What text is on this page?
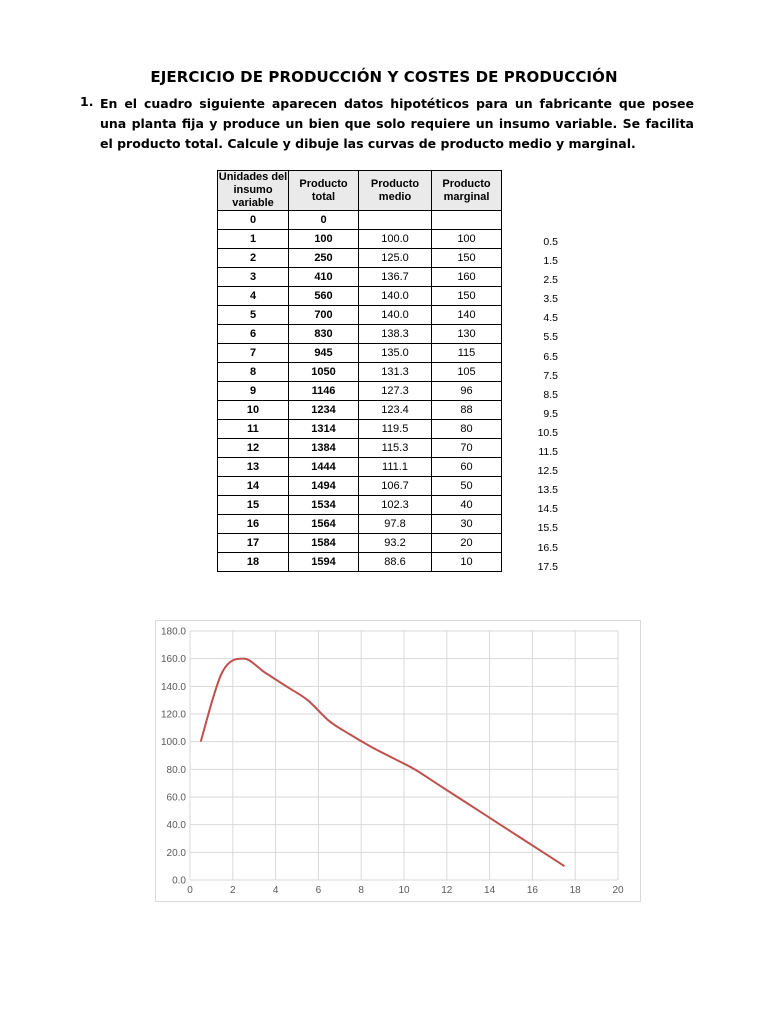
EJERCICIO DE PRODUCCIÓN Y COSTES DE PRODUCCIÓN
1. En el cuadro siguiente aparecen datos hipotéticos para un fabricante que posee una planta fija y produce un bien que solo requiere un insumo variable. Se facilita el producto total. Calcule y dibuje las curvas de producto medio y marginal.
Unidades del insumo variable	Producto total	Producto medio	Producto marginal
0	0		
1	100	100.0	100
2	250	125.0	150
3	410	136.7	160
4	560	140.0	150
5	700	140.0	140
6	830	138.3	130
7	945	135.0	115
8	1050	131.3	105
9	1146	127.3	96
10	1234	123.4	88
11	1314	119.5	80
12	1384	115.3	70
13	1444	111.1	60
14	1494	106.7	50
15	1534	102.3	40
16	1564	97.8	30
17	1584	93.2	20
18	1594	88.6	10
0.5
1.5
2.5
3.5
4.5
5.5
6.5
7.5
8.5
9.5
10.5
11.5
12.5
13.5
14.5
15.5
16.5
17.5
0.0
20.0
40.0
60.0
80.0
100.0
120.0
140.0
160.0
180.0
0	2	4	6	8	10	12	14	16	18	20
